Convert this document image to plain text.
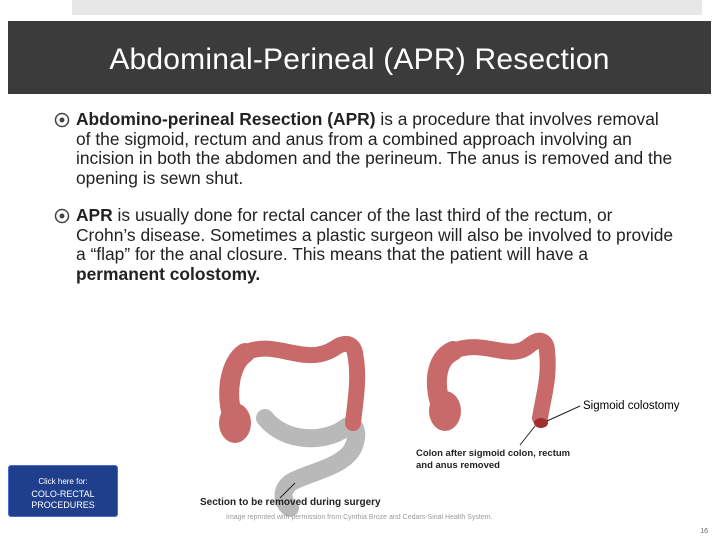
Abdominal-Perineal (APR) Resection
Abdomino-perineal Resection (APR) is a procedure that involves removal of the sigmoid, rectum and anus from a combined approach involving an incision in both the abdomen and the perineum. The anus is removed and the opening is sewn shut.
APR is usually done for rectal cancer of the last third of the rectum, or Crohn’s disease. Sometimes a plastic surgeon will also be involved to provide a “flap” for the anal closure. This means that the patient will have a permanent colostomy.
Sigmoid colostomy
Colon after sigmoid colon, rectum
and anus removed
Section to be removed during surgery
Image reprinted with permission from Cynthia Broze and Cedars-Sinai Health System.
Click here for:
COLO-RECTAL
PROCEDURES
16
